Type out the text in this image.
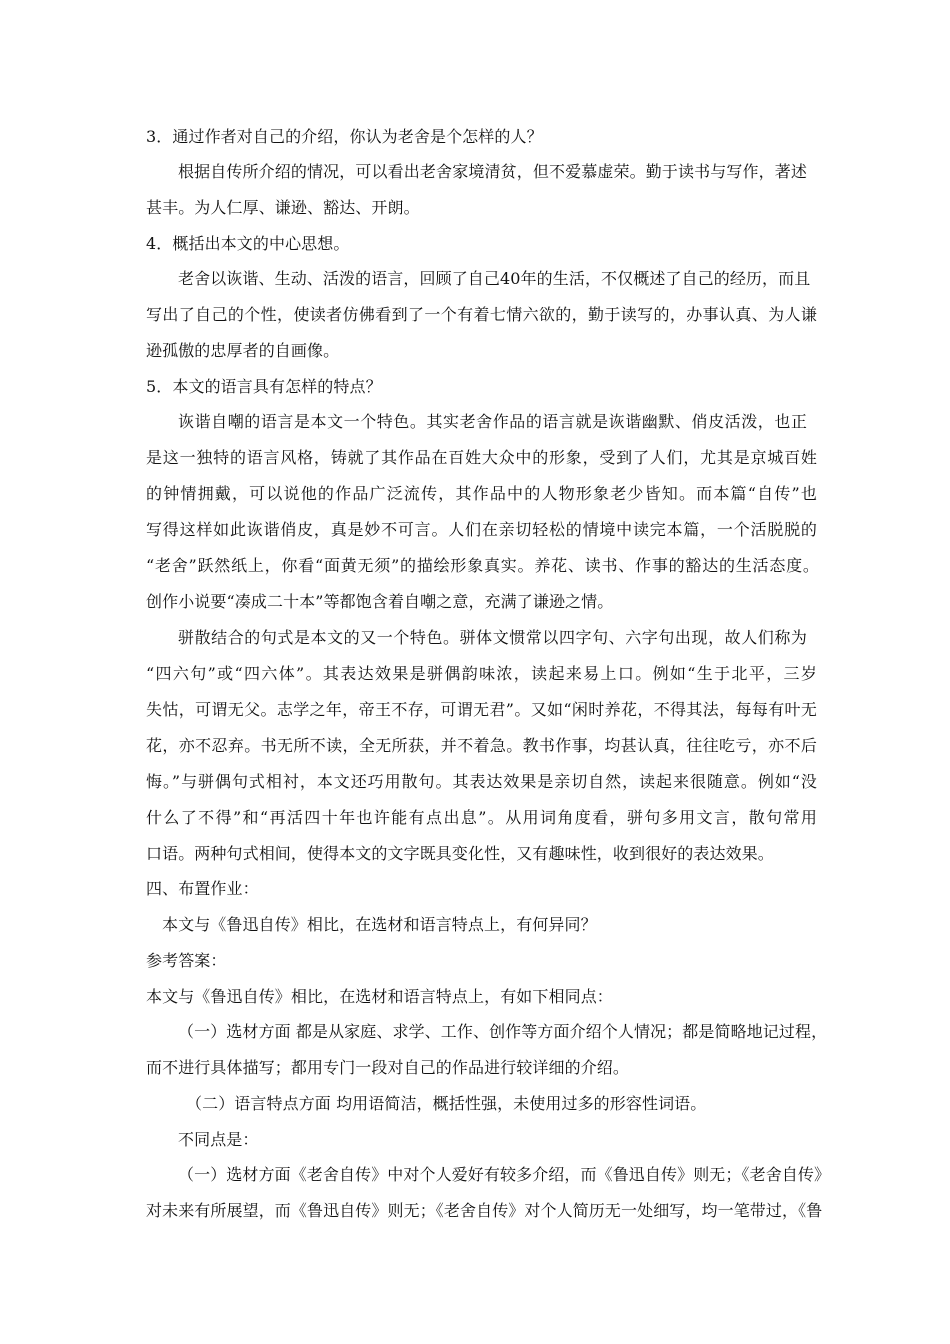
3．通过作者对自己的介绍，你认为老舍是个怎样的人？
根据自传所介绍的情况，可以看出老舍家境清贫，但不爱慕虚荣。勤于读书与写作，著述
甚丰。为人仁厚、谦逊、豁达、开朗。
4．概括出本文的中心思想。
老舍以诙谐、生动、活泼的语言，回顾了自己40年的生活，不仅概述了自己的经历，而且
写出了自己的个性，使读者仿佛看到了一个有着七情六欲的，勤于读写的，办事认真、为人谦
逊孤傲的忠厚者的自画像。
5．本文的语言具有怎样的特点？
诙谐自嘲的语言是本文一个特色。其实老舍作品的语言就是诙谐幽默、俏皮活泼，也正
是这一独特的语言风格，铸就了其作品在百姓大众中的形象，受到了人们，尤其是京城百姓
的钟情拥戴，可以说他的作品广泛流传，其作品中的人物形象老少皆知。而本篇“自传”也
写得这样如此诙谐俏皮，真是妙不可言。人们在亲切轻松的情境中读完本篇，一个活脱脱的
“老舍”跃然纸上，你看“面黄无须”的描绘形象真实。养花、读书、作事的豁达的生活态度。
创作小说要“凑成二十本”等都饱含着自嘲之意，充满了谦逊之情。
骈散结合的句式是本文的又一个特色。骈体文惯常以四字句、六字句出现，故人们称为
“四六句”或“四六体”。其表达效果是骈偶韵味浓，读起来易上口。例如“生于北平，三岁
失怙，可谓无父。志学之年，帝王不存，可谓无君”。又如“闲时养花，不得其法，每每有叶无
花，亦不忍弃。书无所不读，全无所获，并不着急。教书作事，均甚认真，往往吃亏，亦不后
悔。”与骈偶句式相衬，本文还巧用散句。其表达效果是亲切自然，读起来很随意。例如“没
什么了不得”和“再活四十年也许能有点出息”。从用词角度看，骈句多用文言，散句常用
口语。两种句式相间，使得本文的文字既具变化性，又有趣味性，收到很好的表达效果。
四、布置作业：
本文与《鲁迅自传》相比，在选材和语言特点上，有何异同？
参考答案：
本文与《鲁迅自传》相比，在选材和语言特点上，有如下相同点：
（一）选材方面 都是从家庭、求学、工作、创作等方面介绍个人情况；都是简略地记过程，
而不进行具体描写；都用专门一段对自己的作品进行较详细的介绍。
（二）语言特点方面 均用语简洁，概括性强，未使用过多的形容性词语。
不同点是：
（一）选材方面《老舍自传》中对个人爱好有较多介绍，而《鲁迅自传》则无；《老舍自传》
对未来有所展望，而《鲁迅自传》则无；《老舍自传》对个人简历无一处细写，均一笔带过，《鲁
